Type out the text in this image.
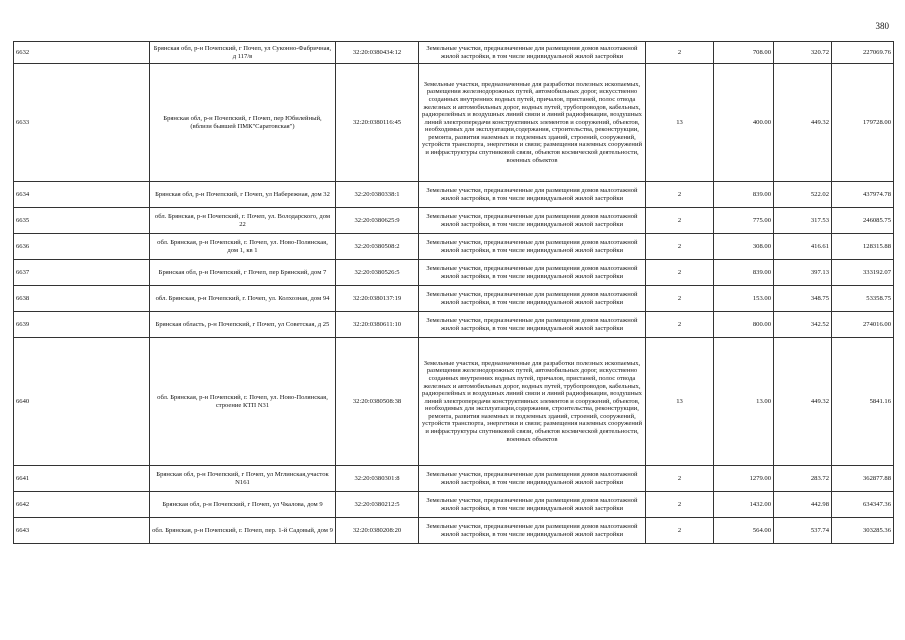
380
6632	Брянская обл, р-н Почепский, г Почеп, ул Суконно-Фабричная, д 117/в	32:20:0380434:12	Земельные участки, предназначенные для размещения домов малоэтажной жилой застройки, в том числе индивидуальной жилой застройки	2	708.00	320.72	227069.76
6633	Брянская обл, р-н Почепский, г Почеп, пер Юбилейный, (вблизи бывшей ПМК"Саратовская")	32:20:0380116:45	Земельные участки, предназначенные для разработки полезных ископаемых, размещения железнодорожных путей, автомобильных дорог, искусственно созданных внутренних водных путей, причалов, пристаней, полос отвода железных и автомобильных дорог, водных путей, трубопроводов, кабельных, радиорелейных и воздушных линий связи и линий радиофикации, воздушных линий электропередачи конструктивных элементов и сооружений, объектов, необходимых для эксплуатации,содержания, строительства, реконструкции, ремонта, развития наземных и подземных зданий, строений, сооружений, устройств транспорта, энергетики и связи; размещения наземных сооружений и инфраструктуры спутниковой связи, объектов космической деятельности, военных объектов	13	400.00	449.32	179728.00
6634	Брянская обл, р-н Почепский, г Почеп, ул Набережная, дом 32	32:20:0380338:1	Земельные участки, предназначенные для размещения домов малоэтажной жилой застройки, в том числе индивидуальной жилой застройки	2	839.00	522.02	437974.78
6635	обл. Брянская, р-н Почепский, г. Почеп, ул. Володарского, дом 22	32:20:0380625:9	Земельные участки, предназначенные для размещения домов малоэтажной жилой застройки, в том числе индивидуальной жилой застройки	2	775.00	317.53	246085.75
6636	обл. Брянская, р-н Почепский, г. Почеп, ул. Ново-Полянская, дом 1, кв 1	32:20:0380508:2	Земельные участки, предназначенные для размещения домов малоэтажной жилой застройки, в том числе индивидуальной жилой застройки	2	308.00	416.61	128315.88
6637	Брянская обл, р-н Почепский, г Почеп, пер Брянский, дом 7	32:20:0380526:5	Земельные участки, предназначенные для размещения домов малоэтажной жилой застройки, в том числе индивидуальной жилой застройки	2	839.00	397.13	333192.07
6638	обл. Брянская, р-н Почепский, г. Почеп, ул. Колхозная, дом 94	32:20:0380137:19	Земельные участки, предназначенные для размещения домов малоэтажной жилой застройки, в том числе индивидуальной жилой застройки	2	153.00	348.75	53358.75
6639	Брянская область, р-н Почепский, г Почеп, ул Советская, д 25	32:20:0380611:10	Земельные участки, предназначенные для размещения домов малоэтажной жилой застройки, в том числе индивидуальной жилой застройки	2	800.00	342.52	274016.00
6640	обл. Брянская, р-н Почепский, г. Почеп, ул. Ново-Полянская, строение КТП N31	32:20:0380508:38	Земельные участки, предназначенные для разработки полезных ископаемых, размещения железнодорожных путей, автомобильных дорог, искусственно созданных внутренних водных путей, причалов, пристаней, полос отвода железных и автомобильных дорог, водных путей, трубопроводов, кабельных, радиорелейных и воздушных линий связи и линий радиофикации, воздушных линий электропередачи конструктивных элементов и сооружений, объектов, необходимых для эксплуатации,содержания, строительства, реконструкции, ремонта, развития наземных и подземных зданий, строений, сооружений, устройств транспорта, энергетики и связи; размещения наземных сооружений и инфраструктуры спутниковой связи, объектов космической деятельности, военных объектов	13	13.00	449.32	5841.16
6641	Брянская обл, р-н Почепский, г Почеп, ул Мглинская,участок N161	32:20:0380301:8	Земельные участки, предназначенные для размещения домов малоэтажной жилой застройки, в том числе индивидуальной жилой застройки	2	1279.00	283.72	362877.88
6642	Брянская обл, р-н Почепский, г Почеп, ул Чкалова, дом 9	32:20:0380212:5	Земельные участки, предназначенные для размещения домов малоэтажной жилой застройки, в том числе индивидуальной жилой застройки	2	1432.00	442.98	634347.36
6643	обл. Брянская, р-н Почепский, г. Почеп, пер. 1-й Садовый, дом 9	32:20:0380208:20	Земельные участки, предназначенные для размещения домов малоэтажной жилой застройки, в том числе индивидуальной жилой застройки	2	564.00	537.74	303285.36
